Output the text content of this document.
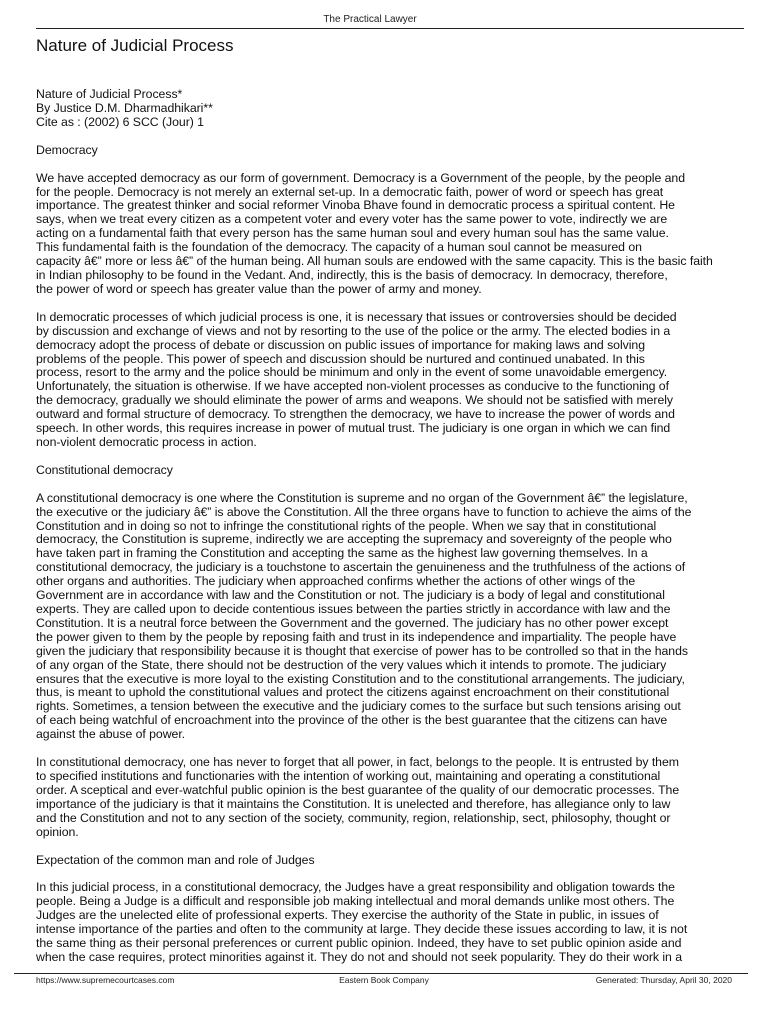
The Practical Lawyer
Nature of Judicial Process
Nature of Judicial Process*
By Justice D.M. Dharmadhikari**
Cite as : (2002) 6 SCC (Jour) 1
Democracy
We have accepted democracy as our form of government. Democracy is a Government of the people, by the people and
for the people. Democracy is not merely an external set-up. In a democratic faith, power of word or speech has great
importance. The greatest thinker and social reformer Vinoba Bhave found in democratic process a spiritual content. He
says, when we treat every citizen as a competent voter and every voter has the same power to vote, indirectly we are
acting on a fundamental faith that every person has the same human soul and every human soul has the same value.
This fundamental faith is the foundation of the democracy. The capacity of a human soul cannot be measured on
capacity â€” more or less â€” of the human being. All human souls are endowed with the same capacity. This is the basic faith
in Indian philosophy to be found in the Vedant. And, indirectly, this is the basis of democracy. In democracy, therefore,
the power of word or speech has greater value than the power of army and money.
In democratic processes of which judicial process is one, it is necessary that issues or controversies should be decided
by discussion and exchange of views and not by resorting to the use of the police or the army. The elected bodies in a
democracy adopt the process of debate or discussion on public issues of importance for making laws and solving
problems of the people. This power of speech and discussion should be nurtured and continued unabated. In this
process, resort to the army and the police should be minimum and only in the event of some unavoidable emergency.
Unfortunately, the situation is otherwise. If we have accepted non-violent processes as conducive to the functioning of
the democracy, gradually we should eliminate the power of arms and weapons. We should not be satisfied with merely
outward and formal structure of democracy. To strengthen the democracy, we have to increase the power of words and
speech. In other words, this requires increase in power of mutual trust. The judiciary is one organ in which we can find
non-violent democratic process in action.
Constitutional democracy
A constitutional democracy is one where the Constitution is supreme and no organ of the Government â€” the legislature,
the executive or the judiciary â€” is above the Constitution. All the three organs have to function to achieve the aims of the
Constitution and in doing so not to infringe the constitutional rights of the people. When we say that in constitutional
democracy, the Constitution is supreme, indirectly we are accepting the supremacy and sovereignty of the people who
have taken part in framing the Constitution and accepting the same as the highest law governing themselves. In a
constitutional democracy, the judiciary is a touchstone to ascertain the genuineness and the truthfulness of the actions of
other organs and authorities. The judiciary when approached confirms whether the actions of other wings of the
Government are in accordance with law and the Constitution or not. The judiciary is a body of legal and constitutional
experts. They are called upon to decide contentious issues between the parties strictly in accordance with law and the
Constitution. It is a neutral force between the Government and the governed. The judiciary has no other power except
the power given to them by the people by reposing faith and trust in its independence and impartiality. The people have
given the judiciary that responsibility because it is thought that exercise of power has to be controlled so that in the hands
of any organ of the State, there should not be destruction of the very values which it intends to promote. The judiciary
ensures that the executive is more loyal to the existing Constitution and to the constitutional arrangements. The judiciary,
thus, is meant to uphold the constitutional values and protect the citizens against encroachment on their constitutional
rights. Sometimes, a tension between the executive and the judiciary comes to the surface but such tensions arising out
of each being watchful of encroachment into the province of the other is the best guarantee that the citizens can have
against the abuse of power.
In constitutional democracy, one has never to forget that all power, in fact, belongs to the people. It is entrusted by them
to specified institutions and functionaries with the intention of working out, maintaining and operating a constitutional
order. A sceptical and ever-watchful public opinion is the best guarantee of the quality of our democratic processes. The
importance of the judiciary is that it maintains the Constitution. It is unelected and therefore, has allegiance only to law
and the Constitution and not to any section of the society, community, region, relationship, sect, philosophy, thought or
opinion.
Expectation of the common man and role of Judges
In this judicial process, in a constitutional democracy, the Judges have a great responsibility and obligation towards the
people. Being a Judge is a difficult and responsible job making intellectual and moral demands unlike most others. The
Judges are the unelected elite of professional experts. They exercise the authority of the State in public, in issues of
intense importance of the parties and often to the community at large. They decide these issues according to law, it is not
the same thing as their personal preferences or current public opinion. Indeed, they have to set public opinion aside and
when the case requires, protect minorities against it. They do not and should not seek popularity. They do their work in a
https://www.supremecourtcases.com	Eastern Book Company	Generated: Thursday, April 30, 2020
